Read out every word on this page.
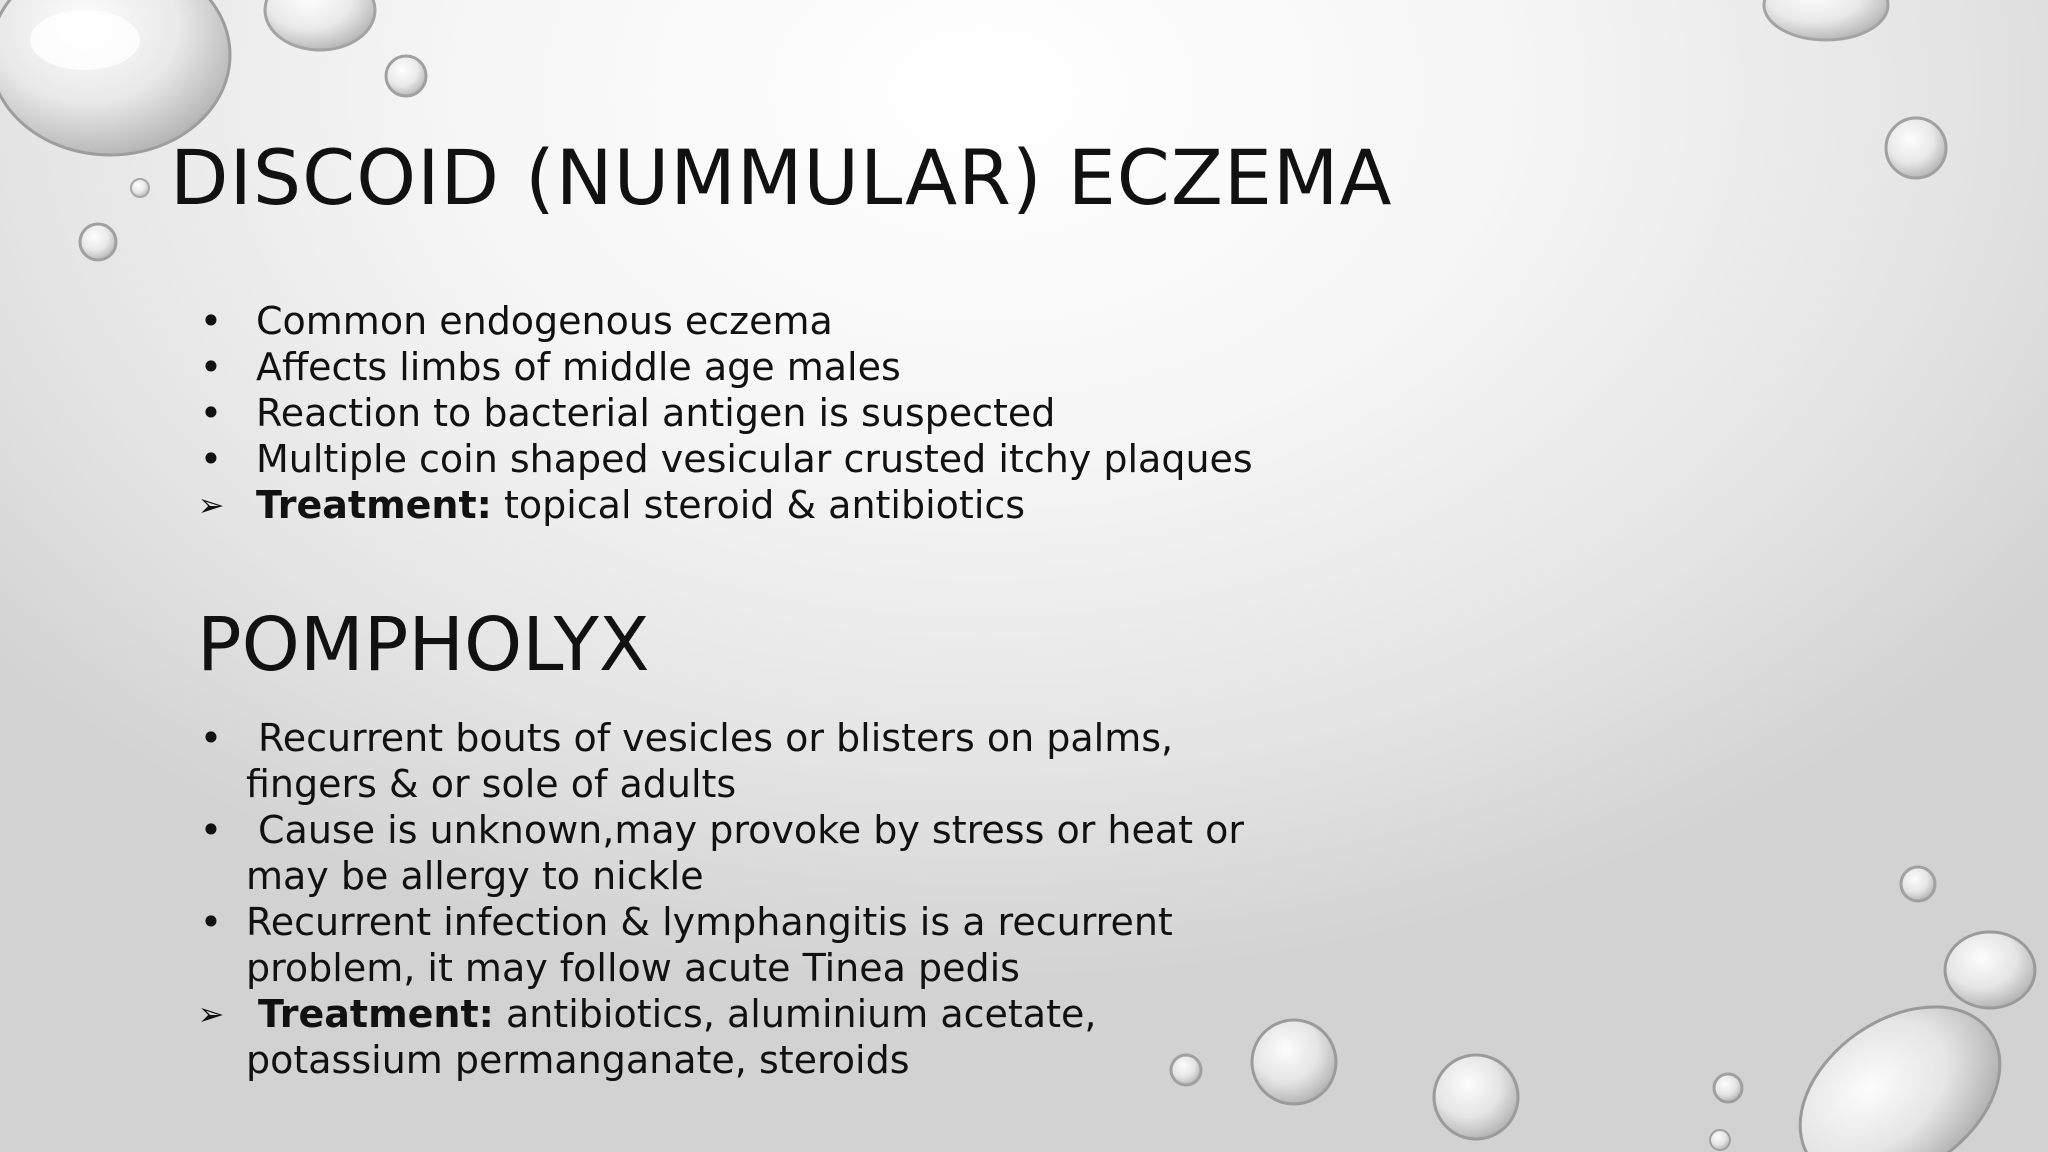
DISCOID (NUMMULAR) ECZEMA
• Common endogenous eczema
• Affects limbs of middle age males
• Reaction to bacterial antigen is suspected
• Multiple coin shaped vesicular crusted itchy plaques
➢ Treatment: topical steroid & antibiotics
POMPHOLYX
• Recurrent bouts of vesicles or blisters on palms, fingers & or sole of adults
• Cause is unknown,may provoke by stress or heat or may be allergy to nickle
• Recurrent infection & lymphangitis is a recurrent problem, it may follow acute Tinea pedis
➢ Treatment: antibiotics, aluminium acetate, potassium permanganate, steroids
